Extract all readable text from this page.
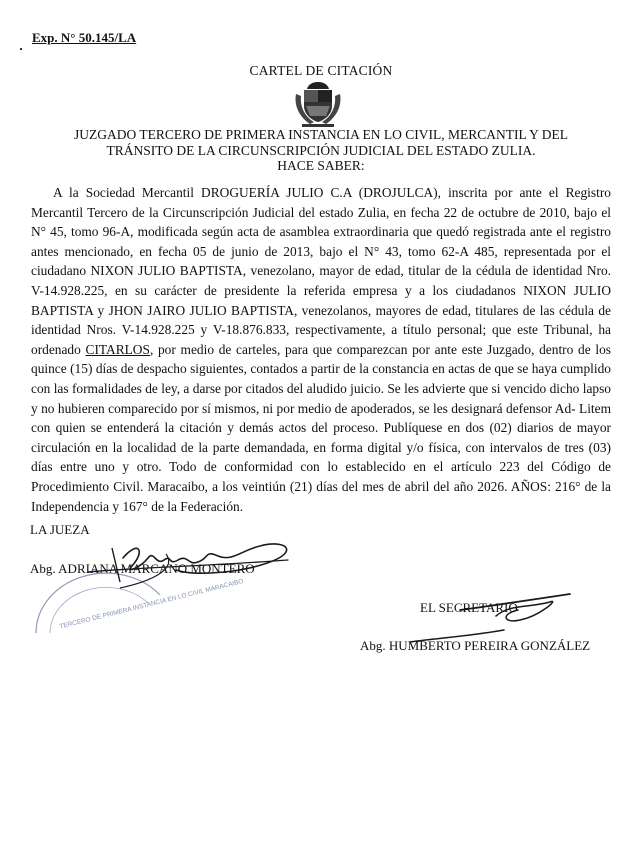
Exp. N° 50.145/LA
CARTEL DE CITACIÓN
JUZGADO TERCERO DE PRIMERA INSTANCIA EN LO CIVIL, MERCANTIL Y DEL
TRÁNSITO DE LA CIRCUNSCRIPCIÓN JUDICIAL DEL ESTADO ZULIA.
HACE SABER:

A la Sociedad Mercantil DROGUERÍA JULIO C.A (DROJULCA), inscrita por ante el Registro Mercantil Tercero de la Circunscripción Judicial del estado Zulia, en fecha 22 de octubre de 2010, bajo el N° 45, tomo 96-A, modificada según acta de asamblea extraordinaria que quedó registrada ante el registro antes mencionado, en fecha 05 de junio de 2013, bajo el N° 43, tomo 62-A 485, representada por el ciudadano NIXON JULIO BAPTISTA, venezolano, mayor de edad, titular de la cédula de identidad Nro. V-14.928.225, en su carácter de presidente la referida empresa y a los ciudadanos NIXON JULIO BAPTISTA y JHON JAIRO JULIO BAPTISTA, venezolanos, mayores de edad, titulares de las cédula de identidad Nros. V-14.928.225 y V-18.876.833, respectivamente, a título personal; que este Tribunal, ha ordenado CITARLOS, por medio de carteles, para que comparezcan por ante este Juzgado, dentro de los quince (15) días de despacho siguientes, contados a partir de la constancia en actas de que se haya cumplido con las formalidades de ley, a darse por citados del aludido juicio. Se les advierte que si vencido dicho lapso y no hubieren comparecido por sí mismos, ni por medio de apoderados, se les designará defensor Ad- Litem con quien se entenderá la citación y demás actos del proceso. Publíquese en dos (02) diarios de mayor circulación en la localidad de la parte demandada, en forma digital y/o física, con intervalos de tres (03) días entre uno y otro. Todo de conformidad con lo establecido en el artículo 223 del Código de Procedimiento Civil. Maracaibo, a los veintiún (21) días del mes de abril del año 2026. AÑOS: 216° de la Independencia y 167° de la Federación.

LA JUEZA
Abg. ADRIANA MARCANO MONTERO
TERCERO DE PRIMERA INSTANCIA EN LO CIVIL MARACAIBO	EL SECRETARIO
Abg. HUMBERTO PEREIRA GONZÁLEZ
